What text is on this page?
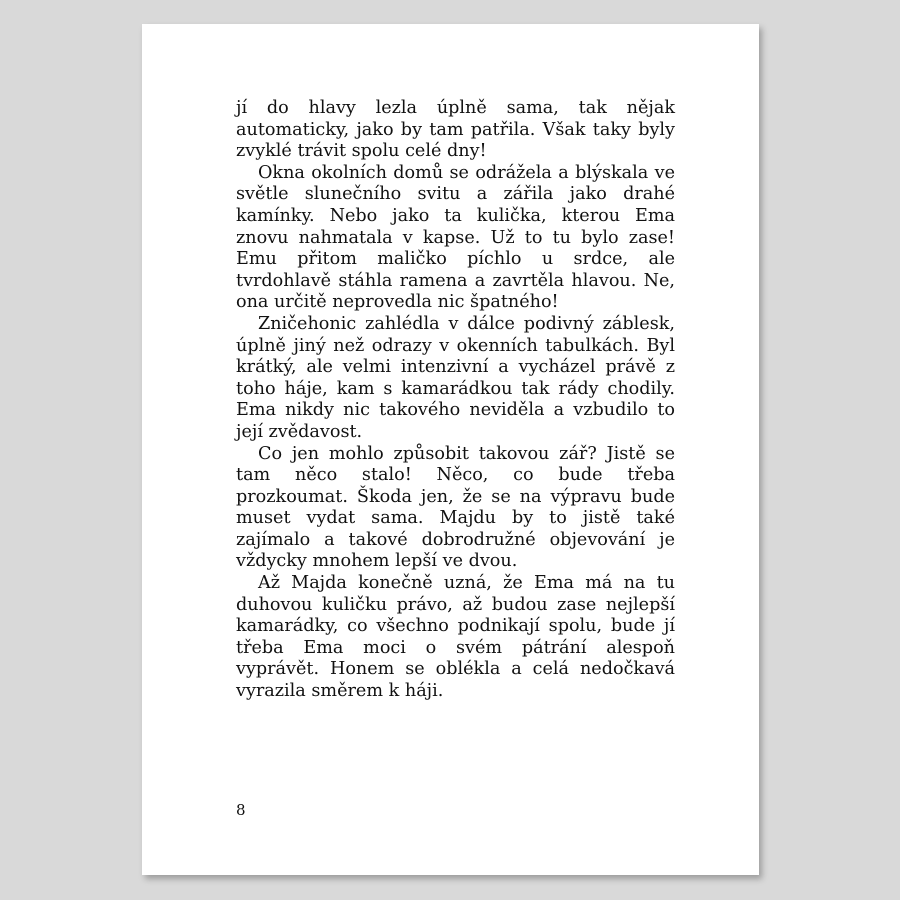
jí do hlavy lezla úplně sama, tak nějak automaticky, jako by tam patřila. Však taky byly zvyklé trávit spolu celé dny!

Okna okolních domů se odrážela a blýskala ve světle slunečního svitu a zářila jako drahé kamínky. Nebo jako ta kulička, kterou Ema znovu nahmatala v kapse. Už to tu bylo zase! Emu přitom maličko píchlo u srdce, ale tvrdohlavě stáhla ramena a zavrtěla hlavou. Ne, ona určitě neprovedla nic špatného!

Zničehonic zahlédla v dálce podivný záblesk, úplně jiný než odrazy v okenních tabulkách. Byl krátký, ale velmi intenzivní a vycházel právě z toho háje, kam s kamarádkou tak rády chodily. Ema nikdy nic takového neviděla a vzbudilo to její zvědavost.

Co jen mohlo způsobit takovou zář? Jistě se tam něco stalo! Něco, co bude třeba prozkoumat. Škoda jen, že se na výpravu bude muset vydat sama. Majdu by to jistě také zajímalo a takové dobrodružné objevování je vždycky mnohem lepší ve dvou.

Až Majda konečně uzná, že Ema má na tu duhovou kuličku právo, až budou zase nejlepší kamarádky, co všechno podnikají spolu, bude jí třeba Ema moci o svém pátrání alespoň vyprávět. Honem se oblékla a celá nedočkavá vyrazila směrem k háji.

8
